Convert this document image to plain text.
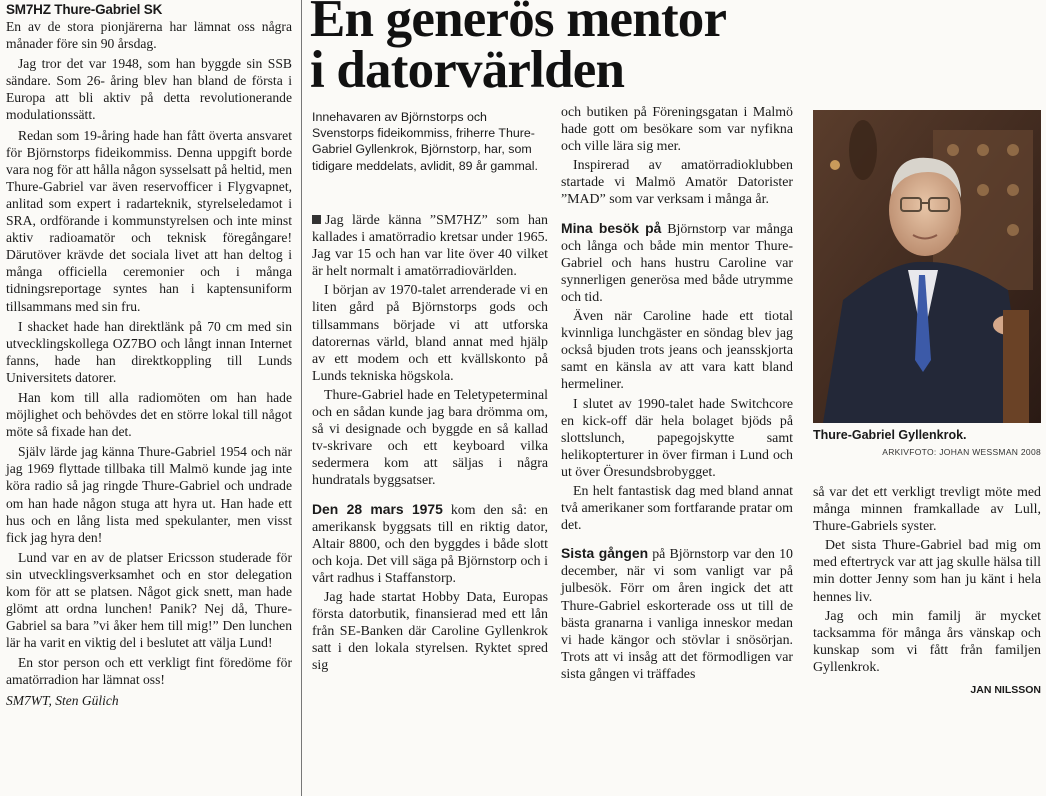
SM7HZ Thure-Gabriel SK

En av de stora pionjärerna har lämnat oss några månader före sin 90 årsdag.

Jag tror det var 1948, som han byggde sin SSB sändare. Som 26- åring blev han bland de första i Europa att bli aktiv på detta revolutionerande modulationssätt.

Redan som 19-åring hade han fått överta ansvaret för Björnstorps fideikommiss. Denna uppgift borde vara nog för att hålla någon sysselsatt på heltid, men Thure-Gabriel var även reservofficer i Flygvapnet, anlitad som expert i radarteknik, styrelseledamot i SRA, ordförande i kommunstyrelsen och inte minst aktiv radioamatör och teknisk föregångare! Därutöver krävde det sociala livet att han deltog i många officiella ceremonier och i många tidningsreportage syntes han i kaptensuniform tillsammans med sin fru.

I shacket hade han direktlänk på 70 cm med sin utvecklingskollega OZ7BO och långt innan Internet fanns, hade han direktkoppling till Lunds Universitets datorer.

Han kom till alla radiomöten om han hade möjlighet och behövdes det en större lokal till något möte så fixade han det.

Själv lärde jag känna Thure-Gabriel 1954 och när jag 1969 flyttade tillbaka till Malmö kunde jag inte köra radio så jag ringde Thure-Gabriel och undrade om han hade någon stuga att hyra ut. Han hade ett hus och en lång lista med spekulanter, men visst fick jag hyra den!

Lund var en av de platser Ericsson studerade för sin utvecklingsverksamhet och en stor delegation kom för att se platsen. Något gick snett, man hade glömt att ordna lunchen! Panik? Nej då, Thure-Gabriel sa bara ”vi åker hem till mig!” Den lunchen lär ha varit en viktig del i beslutet att välja Lund!

En stor person och ett verkligt fint föredöme för amatörradion har lämnat oss!

SM7WT, Sten Gülich
En generös mentor
i datorvärlden
Innehavaren av Björnstorps och Svenstorps fideikommiss, friherre Thure-Gabriel Gyllenkrok, Björnstorp, har, som tidigare meddelats, avlidit, 89 år gammal.

Jag lärde känna ”SM7HZ” som han kallades i amatörradio kretsar under 1965. Jag var 15 och han var lite över 40 vilket är helt normalt i amatörradiovärlden.

I början av 1970-talet arrenderade vi en liten gård på Björnstorps gods och tillsammans började vi att utforska datorernas värld, bland annat med hjälp av ett modem och ett kvällskonto på Lunds tekniska högskola.

Thure-Gabriel hade en Teletypeterminal och en sådan kunde jag bara drömma om, så vi designade och byggde en så kallad tv-skrivare och ett keyboard vilka sedermera kom att säljas i några hundratals byggsatser.

Den 28 mars 1975 kom den så: en amerikansk byggsats till en riktig dator, Altair 8800, och den byggdes i både slott och koja. Det vill säga på Björnstorp och i vårt radhus i Staffanstorp.

Jag hade startat Hobby Data, Europas första datorbutik, finansierad med ett lån från SE-Banken där Caroline Gyllenkrok satt i den lokala styrelsen. Ryktet spred sig

och butiken på Föreningsgatan i Malmö hade gott om besökare som var nyfikna och ville lära sig mer.

Inspirerad av amatörradioklubben startade vi Malmö Amatör Datorister ”MAD” som var verksam i många år.

Mina besök på Björnstorp var många och långa och både min mentor Thure-Gabriel och hans hustru Caroline var synnerligen generösa med både utrymme och tid.

Även när Caroline hade ett tiotal kvinnliga lunchgäster en söndag blev jag också bjuden trots jeans och jeansskjorta samt en känsla av att vara katt bland hermeliner.

I slutet av 1990-talet hade Switchcore en kick-off där hela bolaget bjöds på slottslunch, papegojskytte samt helikopterturer in över firman i Lund och ut över Öresundsbrobygget.

En helt fantastisk dag med bland annat två amerikaner som fortfarande pratar om det.

Sista gången på Björnstorp var den 10 december, när vi som vanligt var på julbesök. Förr om åren ingick det att Thure-Gabriel eskorterade oss ut till de bästa granarna i vanliga inneskor medan vi hade kängor och stövlar i snösörjan. Trots att vi insåg att det förmodligen var sista gången vi träffades

Thure-Gabriel Gyllenkrok.
ARKIVFOTO: JOHAN WESSMAN 2008

så var det ett verkligt trevligt möte med många minnen framkallade av Lull, Thure-Gabriels syster.

Det sista Thure-Gabriel bad mig om med eftertryck var att jag skulle hälsa till min dotter Jenny som han ju känt i hela hennes liv.

Jag och min familj är mycket tacksamma för många års vänskap och kunskap som vi fått från familjen Gyllenkrok.

JAN NILSSON
